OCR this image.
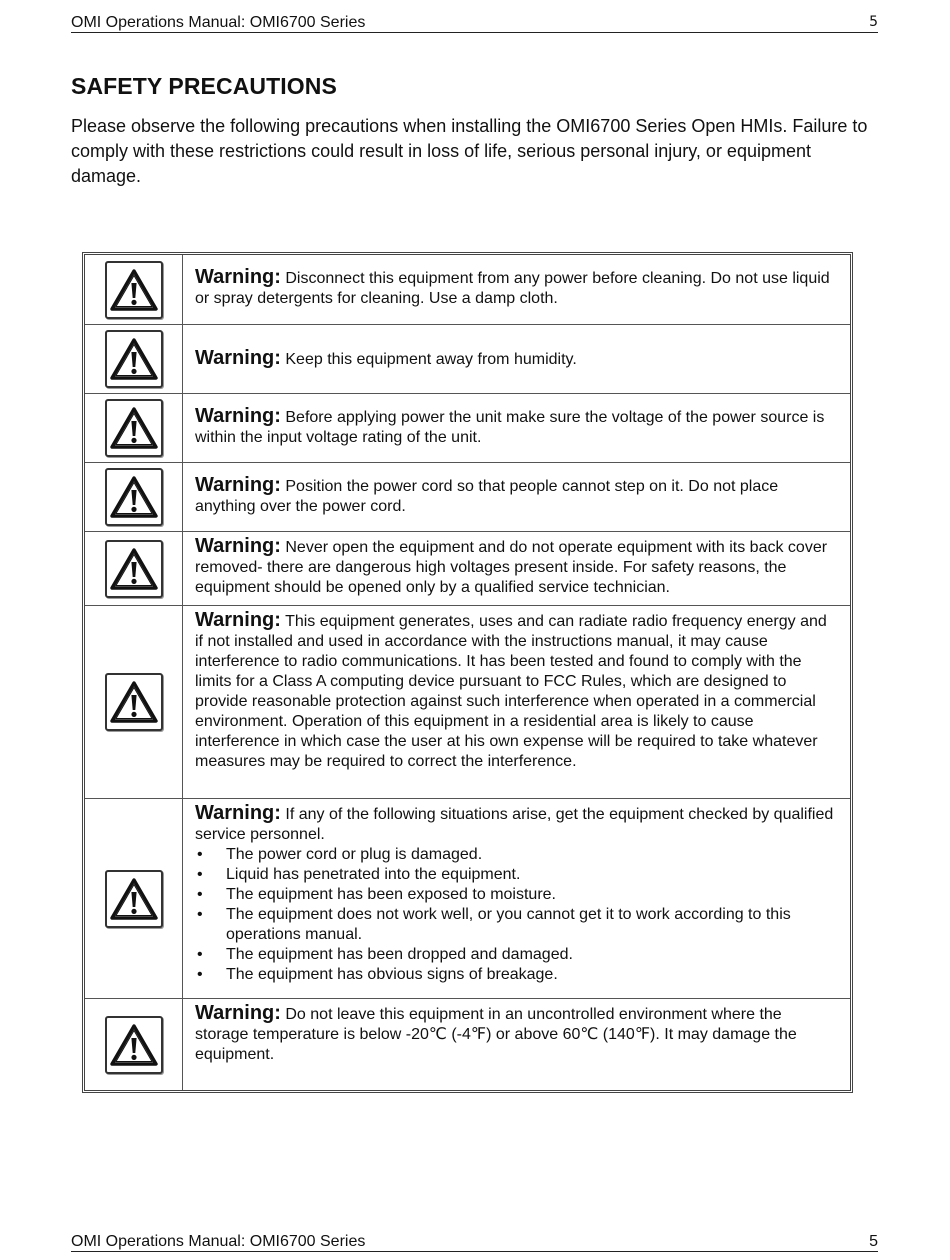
OMI Operations Manual: OMI6700 Series	5
SAFETY PRECAUTIONS

Please observe the following precautions when installing the OMI6700 Series Open HMIs. Failure to comply with these restrictions could result in loss of life, serious personal injury, or equipment damage.

Warning: Disconnect this equipment from any power before cleaning. Do not use liquid or spray detergents for cleaning. Use a damp cloth.
Warning: Keep this equipment away from humidity.
Warning: Before applying power the unit make sure the voltage of the power source is within the input voltage rating of the unit.
Warning: Position the power cord so that people cannot step on it. Do not place anything over the power cord.
Warning: Never open the equipment and do not operate equipment with its back cover removed- there are dangerous high voltages present inside. For safety reasons, the equipment should be opened only by a qualified service technician.
Warning: This equipment generates, uses and can radiate radio frequency energy and if not installed and used in accordance with the instructions manual, it may cause interference to radio communications. It has been tested and found to comply with the limits for a Class A computing device pursuant to FCC Rules, which are designed to provide reasonable protection against such interference when operated in a commercial environment. Operation of this equipment in a residential area is likely to cause interference in which case the user at his own expense will be required to take whatever measures may be required to correct the interference.
Warning: If any of the following situations arise, get the equipment checked by qualified service personnel.
• The power cord or plug is damaged.
• Liquid has penetrated into the equipment.
• The equipment has been exposed to moisture.
• The equipment does not work well, or you cannot get it to work according to this operations manual.
• The equipment has been dropped and damaged.
• The equipment has obvious signs of breakage.
Warning: Do not leave this equipment in an uncontrolled environment where the storage temperature is below -20℃ (-4℉) or above 60℃ (140℉). It may damage the equipment.
OMI Operations Manual: OMI6700 Series	5
